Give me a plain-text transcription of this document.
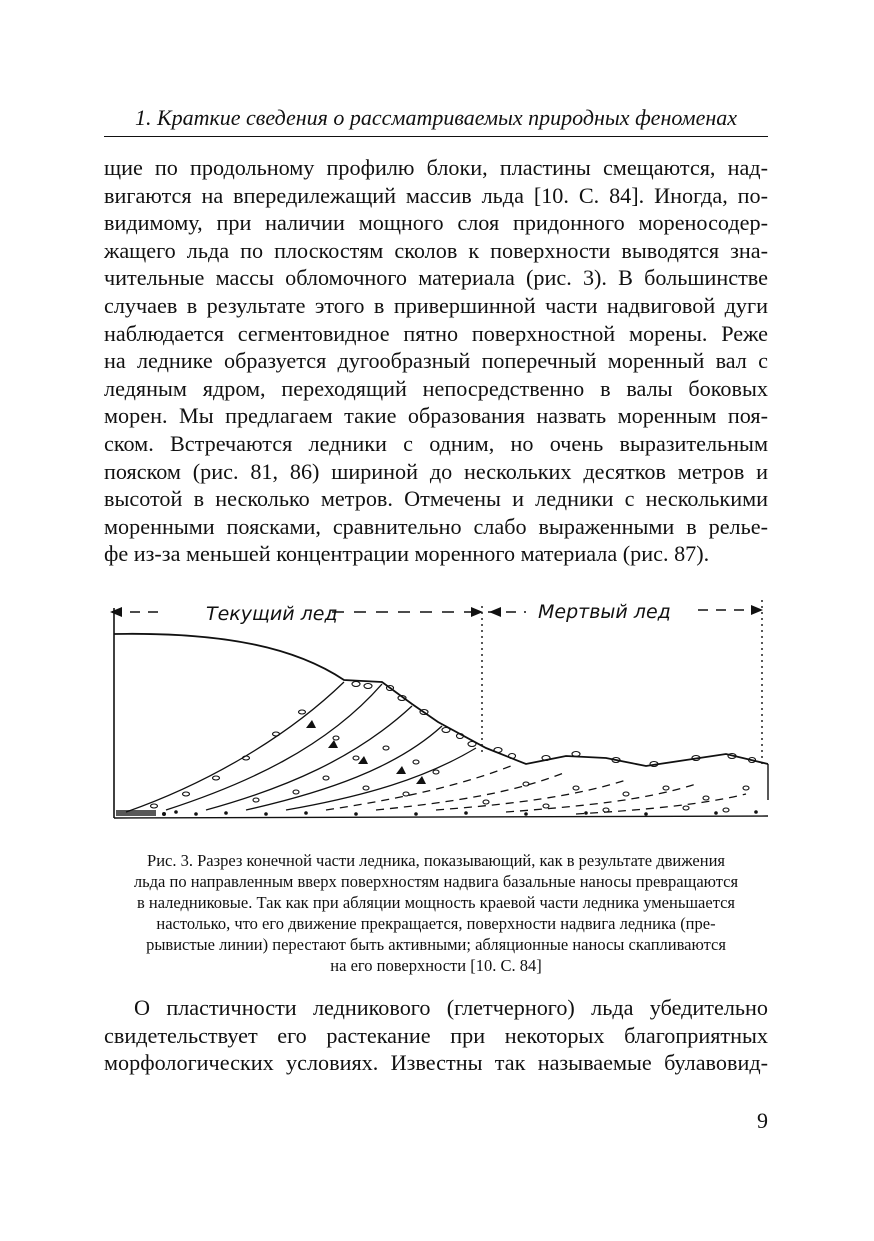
1. Краткие сведения о рассматриваемых природных феноменах
щие по продольному профилю блоки, пластины смещаются, над-
вигаются на впередилежащий массив льда [10. С. 84]. Иногда, по-
видимому, при наличии мощного слоя придонного мореносодер-
жащего льда по плоскостям сколов к поверхности выводятся зна-
чительные массы обломочного материала (рис. 3). В большинстве
случаев в результате этого в привершинной части надвиговой дуги
наблюдается сегментовидное пятно поверхностной морены. Реже
на леднике образуется дугообразный поперечный моренный вал с
ледяным ядром, переходящий непосредственно в валы боковых
морен. Мы предлагаем такие образования назвать моренным поя-
ском. Встречаются ледники с одним, но очень выразительным
пояском (рис. 81, 86) шириной до нескольких десятков метров и
высотой в несколько метров. Отмечены и ледники с несколькими
моренными поясками, сравнительно слабо выраженными в релье-
фе из-за меньшей концентрации моренного материала (рис. 87).
Текущий лед	Мертвый лед
Рис. 3. Разрез конечной части ледника, показывающий, как в результате движения
льда по направленным вверх поверхностям надвига базальные наносы превращаются
в наледниковые. Так как при абляции мощность краевой части ледника уменьшается
настолько, что его движение прекращается, поверхности надвига ледника (пре-
рывистые линии) перестают быть активными; абляционные наносы скапливаются
на его поверхности [10. С. 84]
О пластичности ледникового (глетчерного) льда убедительно
свидетельствует его растекание при некоторых благоприятных
морфологических условиях. Известны так называемые булавовид-
9
